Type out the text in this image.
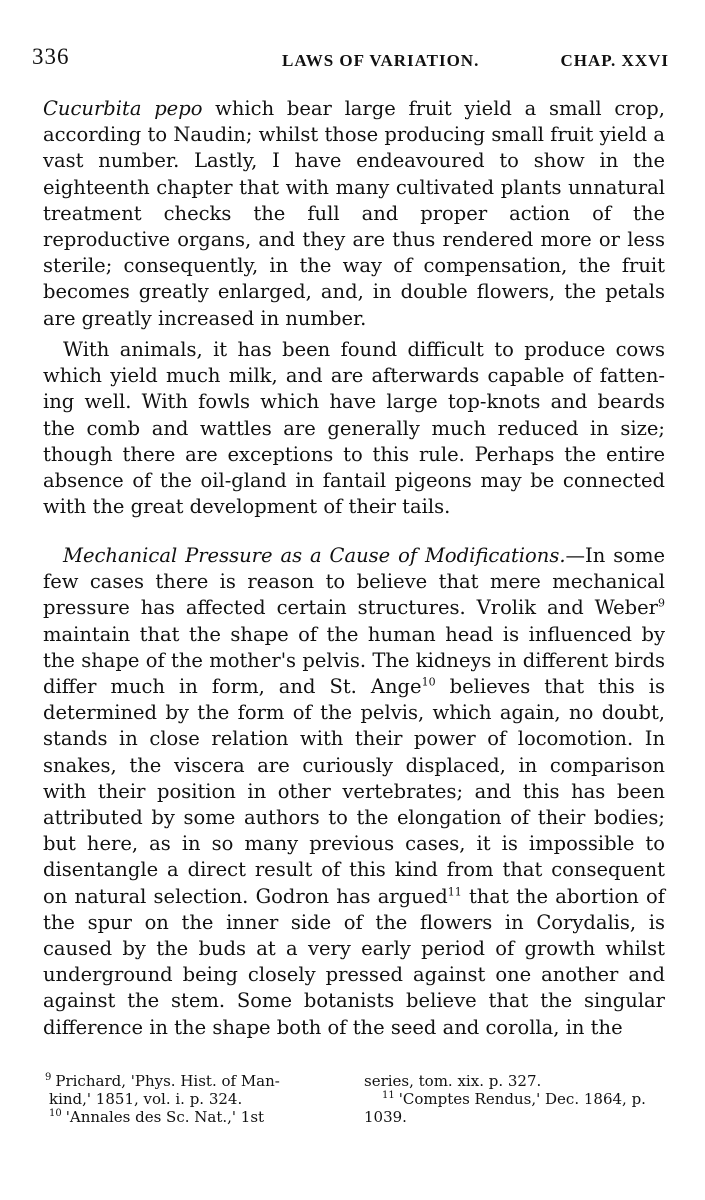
336	LAWS OF VARIATION.	CHAP. XXVI

Cucurbita pepo which bear large fruit yield a small crop, according to Naudin; whilst those producing small fruit yield a vast number. Lastly, I have endeavoured to show in the eighteenth chapter that with many cultivated plants unnatural treatment checks the full and proper action of the reproductive organs, and they are thus rendered more or less sterile; consequently, in the way of compensation, the fruit becomes greatly enlarged, and, in double flowers, the petals are greatly increased in number.

With animals, it has been found difficult to produce cows which yield much milk, and are afterwards capable of fatten-ing well. With fowls which have large top-knots and beards the comb and wattles are generally much reduced in size; though there are exceptions to this rule. Perhaps the entire absence of the oil-gland in fantail pigeons may be connected with the great development of their tails.

Mechanical Pressure as a Cause of Modifications.—In some few cases there is reason to believe that mere mechanical pressure has affected certain structures. Vrolik and Weber$^9$ maintain that the shape of the human head is influenced by the shape of the mother's pelvis. The kidneys in different birds differ much in form, and St. Ange$^{10}$ believes that this is determined by the form of the pelvis, which again, no doubt, stands in close relation with their power of locomotion. In snakes, the viscera are curiously displaced, in comparison with their position in other vertebrates; and this has been attributed by some authors to the elongation of their bodies; but here, as in so many previous cases, it is impossible to disentangle a direct result of this kind from that consequent on natural selection. Godron has argued$^{11}$ that the abortion of the spur on the inner side of the flowers in Corydalis, is caused by the buds at a very early period of growth whilst underground being closely pressed against one another and against the stem. Some botanists believe that the singular difference in the shape both of the seed and corolla, in the

$^9$ Prichard, 'Phys. Hist. of Man-
kind,' 1851, vol. i. p. 324.
$^{10}$ 'Annales des Sc. Nat.,' 1st
series, tom. xix. p. 327.
$^{11}$ 'Comptes Rendus,' Dec. 1864, p.
1039.
